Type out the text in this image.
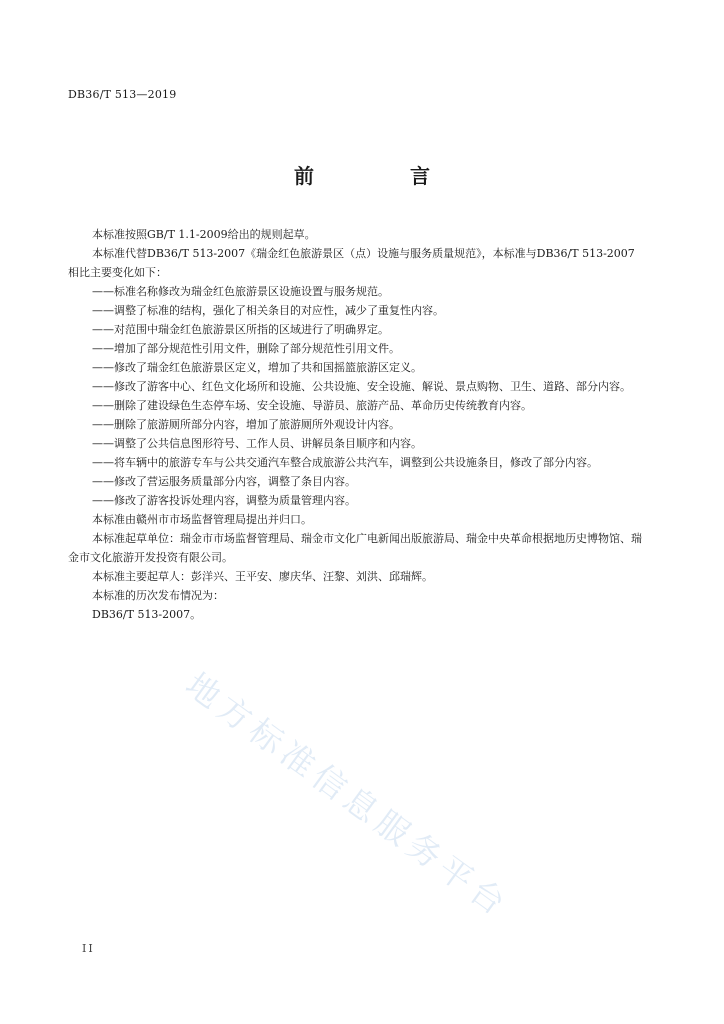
DB36/T 513—2019
前　言

本标准按照GB/T 1.1-2009给出的规则起草。

本标准代替DB36/T 513-2007《瑞金红色旅游景区（点）设施与服务质量规范》，本标准与DB36/T 513-2007相比主要变化如下：

——标准名称修改为瑞金红色旅游景区设施设置与服务规范。

——调整了标准的结构，强化了相关条目的对应性，减少了重复性内容。

——对范围中瑞金红色旅游景区所指的区域进行了明确界定。

——增加了部分规范性引用文件，删除了部分规范性引用文件。

——修改了瑞金红色旅游景区定义，增加了共和国摇篮旅游区定义。

——修改了游客中心、红色文化场所和设施、公共设施、安全设施、解说、景点购物、卫生、道路、部分内容。

——删除了建设绿色生态停车场、安全设施、导游员、旅游产品、革命历史传统教育内容。

——删除了旅游厕所部分内容，增加了旅游厕所外观设计内容。

——调整了公共信息图形符号、工作人员、讲解员条目顺序和内容。

——将车辆中的旅游专车与公共交通汽车整合成旅游公共汽车，调整到公共设施条目，修改了部分内容。

——修改了营运服务质量部分内容，调整了条目内容。

——修改了游客投诉处理内容，调整为质量管理内容。

本标准由赣州市市场监督管理局提出并归口。

本标准起草单位：瑞金市市场监督管理局、瑞金市文化广电新闻出版旅游局、瑞金中央革命根据地历史博物馆、瑞金市文化旅游开发投资有限公司。

本标准主要起草人：彭洋兴、王平安、廖庆华、汪黎、刘洪、邱瑞辉。

本标准的历次发布情况为：

DB36/T 513-2007。

地方标准信息服务平台
II
